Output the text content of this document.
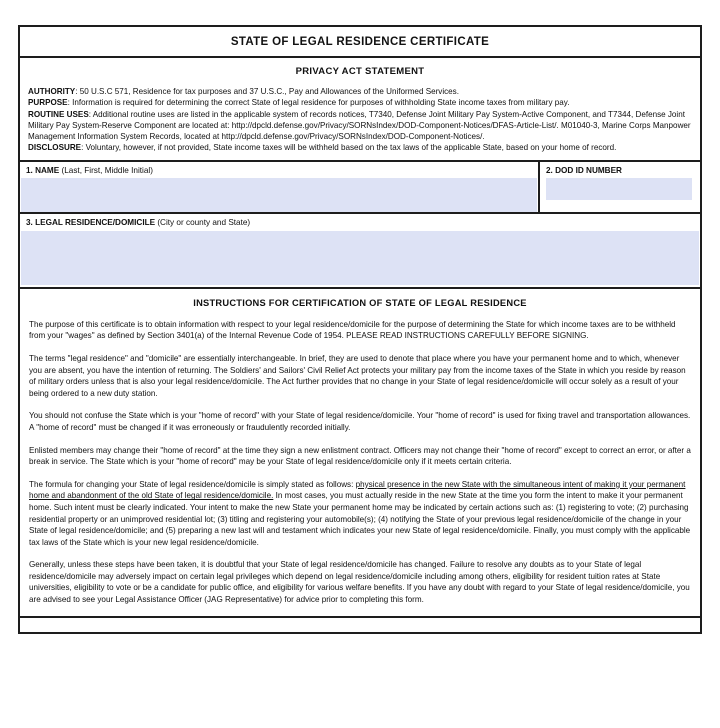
STATE OF LEGAL RESIDENCE CERTIFICATE
PRIVACY ACT STATEMENT

AUTHORITY: 50 U.S.C 571, Residence for tax purposes and 37 U.S.C., Pay and Allowances of the Uniformed Services.

PURPOSE: Information is required for determining the correct State of legal residence for purposes of withholding State income taxes from military pay.

ROUTINE USES: Additional routine uses are listed in the applicable system of records notices, T7340, Defense Joint Military Pay System-Active Component, and T7344, Defense Joint Military Pay System-Reserve Component are located at: http://dpcld.defense.gov/Privacy/SORNsIndex/DOD-Component-Notices/DFAS-Article-List/. M01040-3, Marine Corps Manpower Management Information System Records, located at http://dpcld.defense.gov/Privacy/SORNsIndex/DOD-Component-Notices/.

DISCLOSURE: Voluntary, however, if not provided, State income taxes will be withheld based on the tax laws of the applicable State, based on your home of record.

1. NAME (Last, First, Middle Initial)	2. DOD ID NUMBER
3. LEGAL RESIDENCE/DOMICILE (City or county and State)
INSTRUCTIONS FOR CERTIFICATION OF STATE OF LEGAL RESIDENCE

The purpose of this certificate is to obtain information with respect to your legal residence/domicile for the purpose of determining the State for which income taxes are to be withheld from your "wages" as defined by Section 3401(a) of the Internal Revenue Code of 1954. PLEASE READ INSTRUCTIONS CAREFULLY BEFORE SIGNING.

The terms "legal residence" and "domicile" are essentially interchangeable. In brief, they are used to denote that place where you have your permanent home and to which, whenever you are absent, you have the intention of returning. The Soldiers' and Sailors' Civil Relief Act protects your military pay from the income taxes of the State in which you reside by reason of military orders unless that is also your legal residence/domicile. The Act further provides that no change in your State of legal residence/domicile will occur solely as a result of your being ordered to a new duty station.

You should not confuse the State which is your "home of record" with your State of legal residence/domicile. Your "home of record" is used for fixing travel and transportation allowances. A "home of record" must be changed if it was erroneously or fraudulently recorded initially.

Enlisted members may change their "home of record" at the time they sign a new enlistment contract. Officers may not change their "home of record" except to correct an error, or after a break in service. The State which is your "home of record" may be your State of legal residence/domicile only if it meets certain criteria.

The formula for changing your State of legal residence/domicile is simply stated as follows: physical presence in the new State with the simultaneous intent of making it your permanent home and abandonment of the old State of legal residence/domicile. In most cases, you must actually reside in the new State at the time you form the intent to make it your permanent home. Such intent must be clearly indicated. Your intent to make the new State your permanent home may be indicated by certain actions such as: (1) registering to vote; (2) purchasing residential property or an unimproved residential lot; (3) titling and registering your automobile(s); (4) notifying the State of your previous legal residence/domicile of the change in your State of legal residence/domicile; and (5) preparing a new last will and testament which indicates your new State of legal residence/domicile. Finally, you must comply with the applicable tax laws of the State which is your new legal residence/domicile.

Generally, unless these steps have been taken, it is doubtful that your State of legal residence/domicile has changed. Failure to resolve any doubts as to your State of legal residence/domicile may adversely impact on certain legal privileges which depend on legal residence/domicile including among others, eligibility for resident tuition rates at State universities, eligibility to vote or be a candidate for public office, and eligibility for various welfare benefits. If you have any doubt with regard to your State of legal residence/domicile, you are advised to see your Legal Assistance Officer (JAG Representative) for advice prior to completing this form.
